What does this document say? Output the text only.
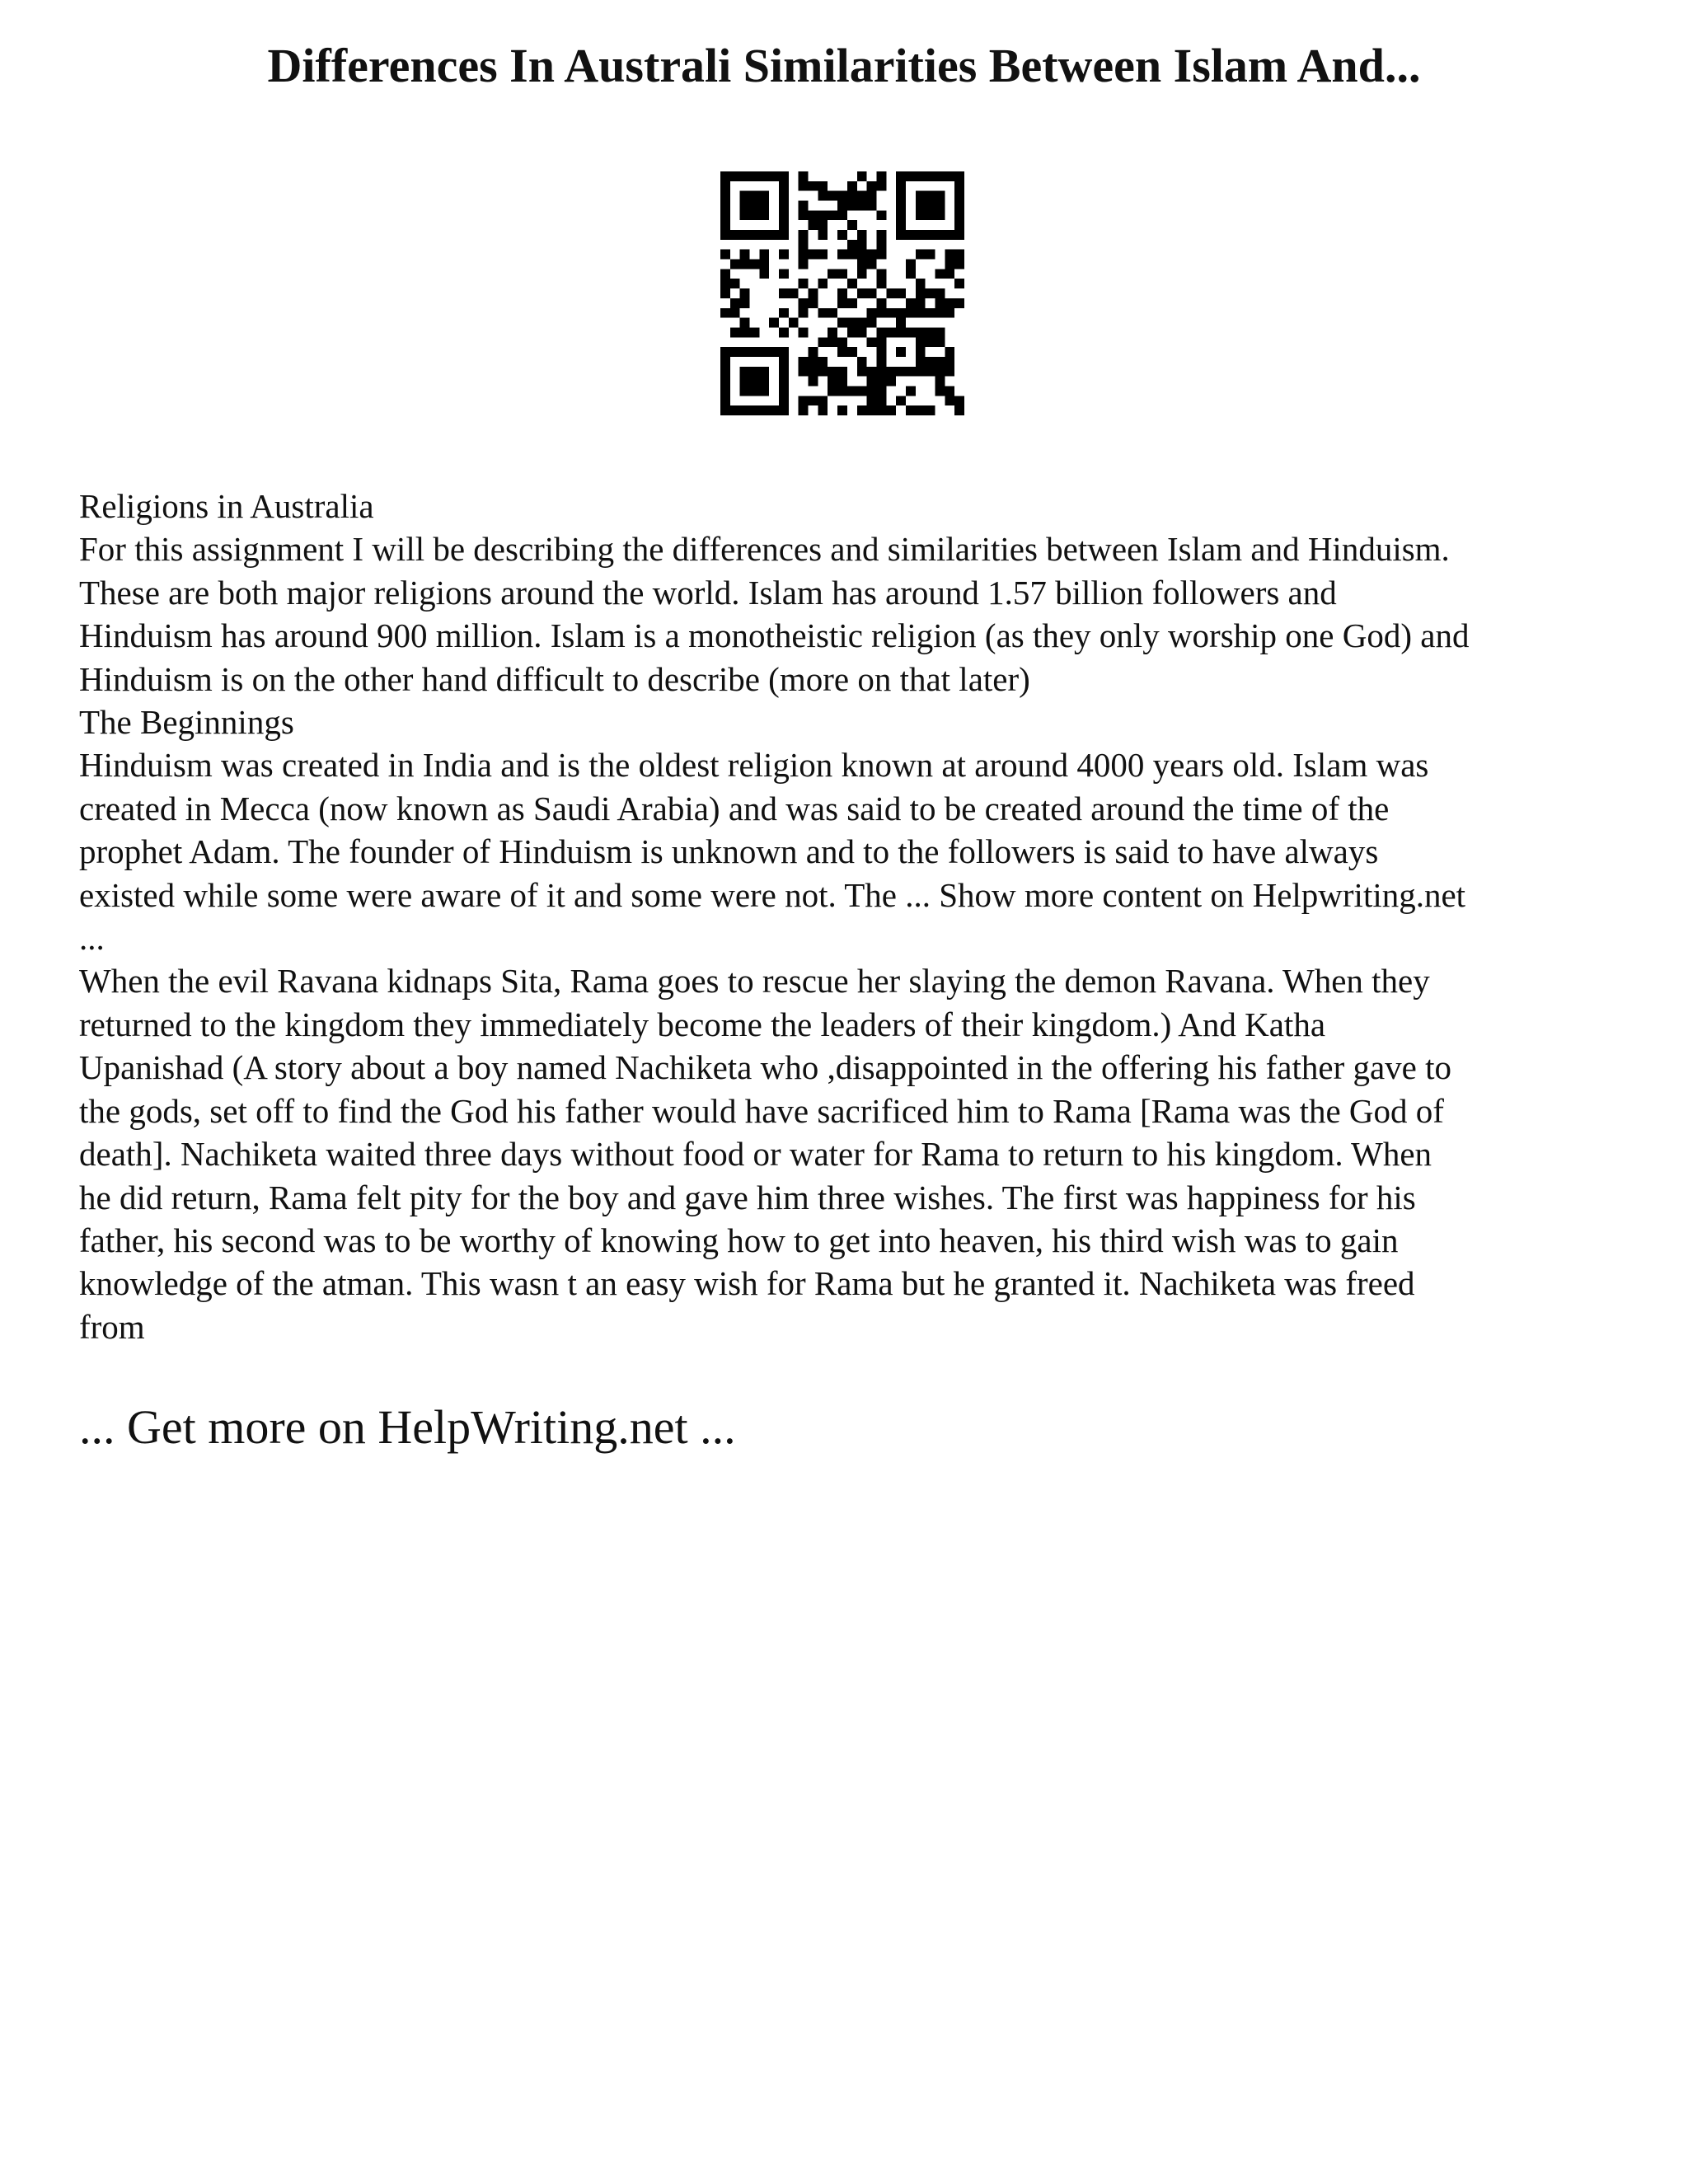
Differences In Australi Similarities Between Islam And...

Religions in Australia

For this assignment I will be describing the differences and similarities between Islam and Hinduism.

These are both major religions around the world. Islam has around 1.57 billion followers and

Hinduism has around 900 million. Islam is a monotheistic religion (as they only worship one God) and

Hinduism is on the other hand difficult to describe (more on that later)

The Beginnings

Hinduism was created in India and is the oldest religion known at around 4000 years old. Islam was

created in Mecca (now known as Saudi Arabia) and was said to be created around the time of the

prophet Adam. The founder of Hinduism is unknown and to the followers is said to have always

existed while some were aware of it and some were not. The ... Show more content on Helpwriting.net

...

When the evil Ravana kidnaps Sita, Rama goes to rescue her slaying the demon Ravana. When they

returned to the kingdom they immediately become the leaders of their kingdom.) And Katha

Upanishad (A story about a boy named Nachiketa who ,disappointed in the offering his father gave to

the gods, set off to find the God his father would have sacrificed him to Rama [Rama was the God of

death]. Nachiketa waited three days without food or water for Rama to return to his kingdom. When

he did return, Rama felt pity for the boy and gave him three wishes. The first was happiness for his

father, his second was to be worthy of knowing how to get into heaven, his third wish was to gain

knowledge of the atman. This wasn t an easy wish for Rama but he granted it. Nachiketa was freed

from

... Get more on HelpWriting.net ...
